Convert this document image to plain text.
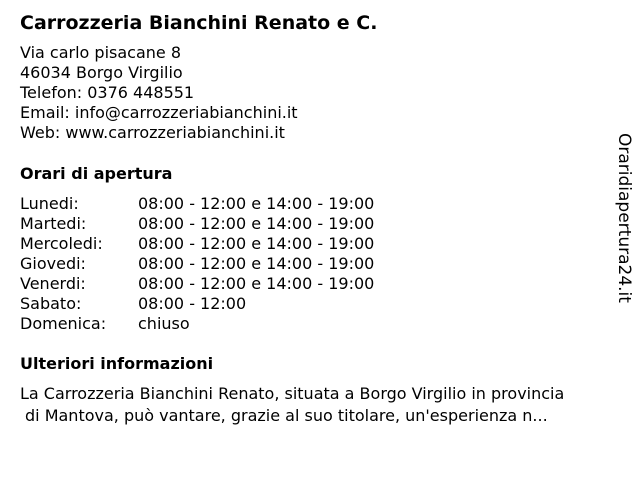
Carrozzeria Bianchini Renato e C.
Via carlo pisacane 8
46034 Borgo Virgilio
Telefon: 0376 448551
Email: info@carrozzeriabianchini.it
Web: www.carrozzeriabianchini.it
Orari di apertura
Lunedi:	08:00 - 12:00 e 14:00 - 19:00
Martedi:	08:00 - 12:00 e 14:00 - 19:00
Mercoledi: 08:00 - 12:00 e 14:00 - 19:00
Giovedi:	08:00 - 12:00 e 14:00 - 19:00
Venerdi:	08:00 - 12:00 e 14:00 - 19:00
Sabato:	08:00 - 12:00
Domenica: chiuso
Ulteriori informazioni
La Carrozzeria Bianchini Renato, situata a Borgo Virgilio in provincia
di Mantova, può vantare, grazie al suo titolare, un'esperienza n...
Oraridiapertura24.it
